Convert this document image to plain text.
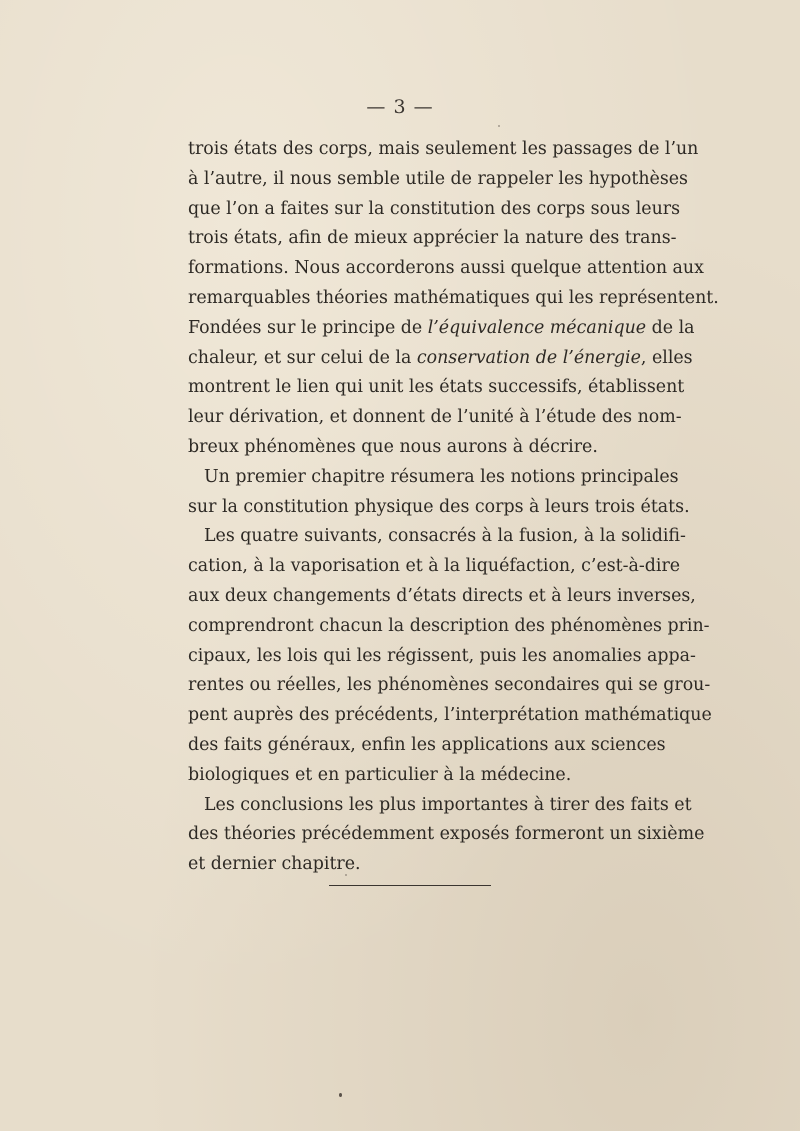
— 3 —
trois états des corps, mais seulement les passages de l’un
à l’autre, il nous semble utile de rappeler les hypothèses
que l’on a faites sur la constitution des corps sous leurs
trois états, afin de mieux apprécier la nature des trans-
formations. Nous accorderons aussi quelque attention aux
remarquables théories mathématiques qui les représentent.
Fondées sur le principe de l’équivalence mécanique de la
chaleur, et sur celui de la conservation de l’énergie, elles
montrent le lien qui unit les états successifs, établissent
leur dérivation, et donnent de l’unité à l’étude des nom-
breux phénomènes que nous aurons à décrire.
Un premier chapitre résumera les notions principales
sur la constitution physique des corps à leurs trois états.
Les quatre suivants, consacrés à la fusion, à la solidifi-
cation, à la vaporisation et à la liquéfaction, c’est-à-dire
aux deux changements d’états directs et à leurs inverses,
comprendront chacun la description des phénomènes prin-
cipaux, les lois qui les régissent, puis les anomalies appa-
rentes ou réelles, les phénomènes secondaires qui se grou-
pent auprès des précédents, l’interprétation mathématique
des faits généraux, enfin les applications aux sciences
biologiques et en particulier à la médecine.
Les conclusions les plus importantes à tirer des faits et
des théories précédemment exposés formeront un sixième
et dernier chapitre.
